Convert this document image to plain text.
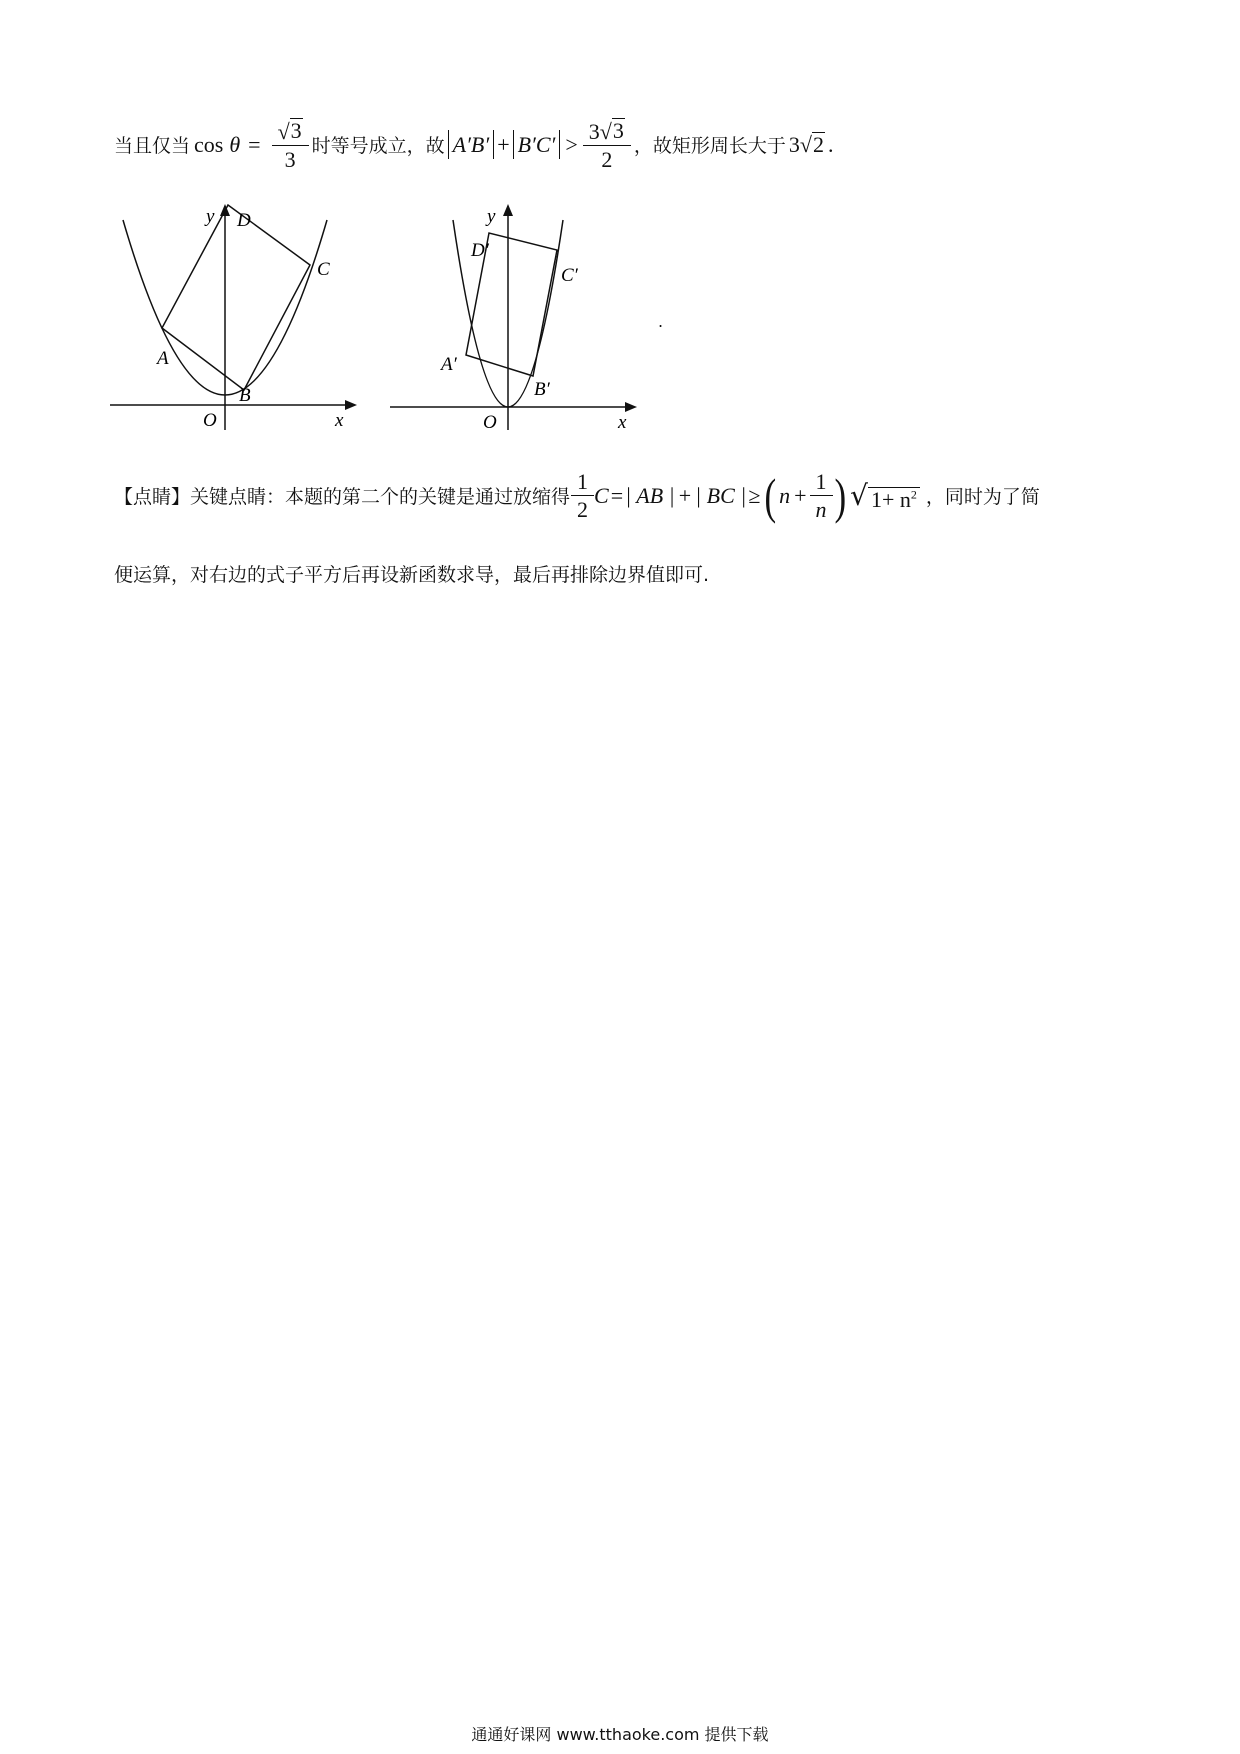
当且仅当 $\cos \theta = \frac{√ 3}{3}$ 时等号成立，故 $A'B' + B'C' > \frac{3 √ 3}{2}$ ，故矩形周长大于 3 √ 2 .
y D
C
A
B
O	x
y
D′
C′
A′
B′
O	x
.
【点睛】关键点睛：本题的第二个的关键是通过放缩得 $\frac{1}{2}$ C = | AB | + | BC | ≥ ( $n + \frac{1}{n}$ ) √ $1+ n^2$ ，同时为了简
便运算，对右边的式子平方后再设新函数求导，最后再排除边界值即可.
通通好课网 www.tthaoke.com 提供下载
